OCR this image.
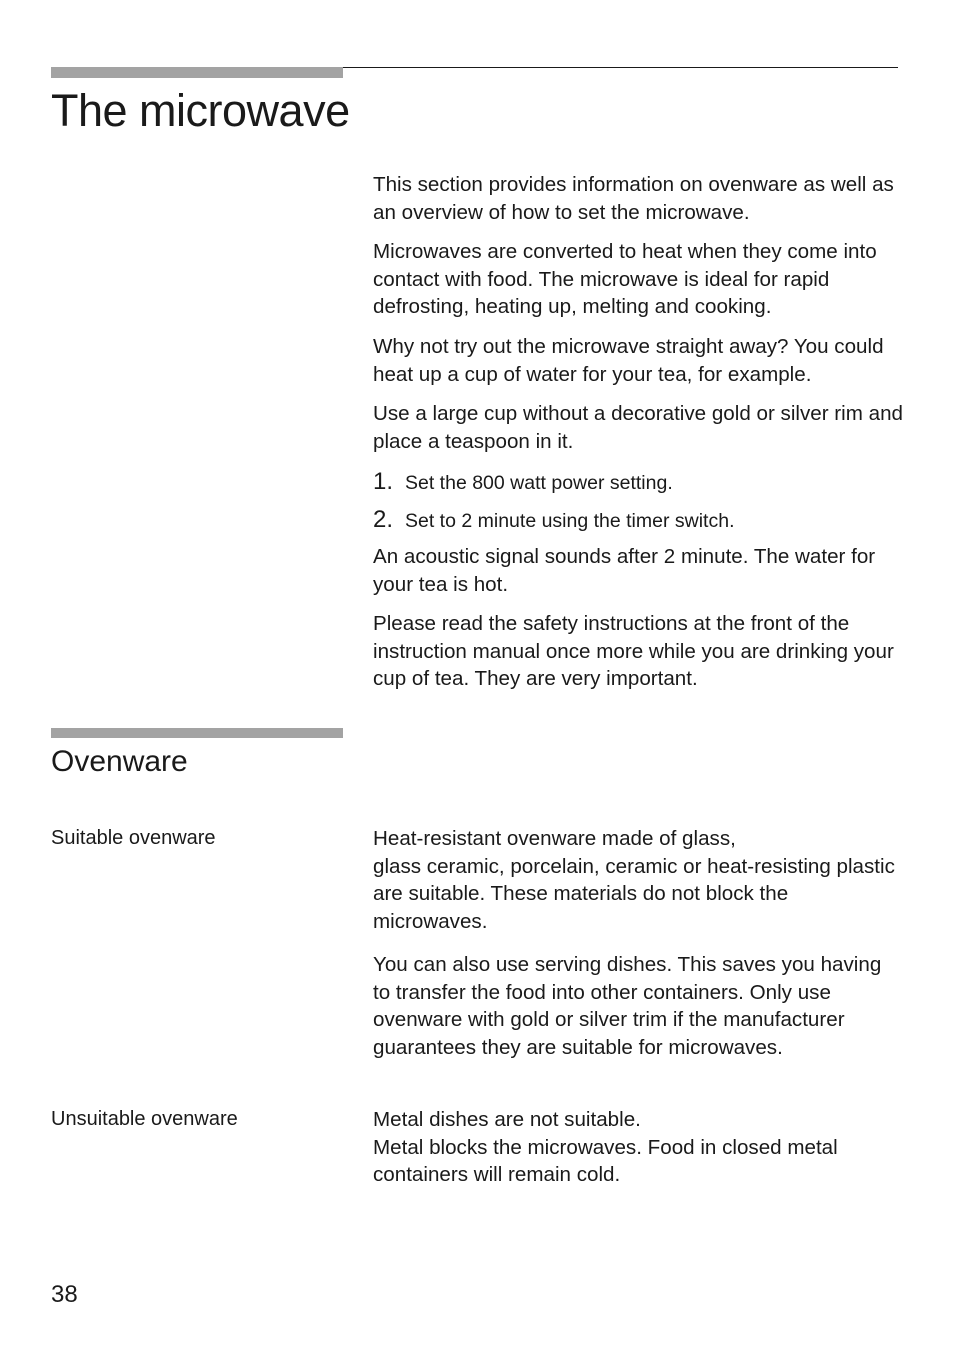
The microwave

This section provides information on ovenware as well as an overview of how to set the microwave.

Microwaves are converted to heat when they come into contact with food. The microwave is ideal for rapid defrosting, heating up, melting and cooking.

Why not try out the microwave straight away? You could heat up a cup of water for your tea, for example.

Use a large cup without a decorative gold or silver rim and place a teaspoon in it.

1. Set the 800 watt power setting.
2. Set to 2 minute using the timer switch.

An acoustic signal sounds after 2 minute. The water for your tea is hot.

Please read the safety instructions at the front of the instruction manual once more while you are drinking your cup of tea. They are very important.

Ovenware
Suitable ovenware	Heat-resistant ovenware made of glass,

glass ceramic, porcelain, ceramic or heat-resisting plastic are suitable. These materials do not block the microwaves.

You can also use serving dishes. This saves you having to transfer the food into other containers. Only use ovenware with gold or silver trim if the manufacturer guarantees they are suitable for microwaves.

Unsuitable ovenware	Metal dishes are not suitable.

Metal blocks the microwaves. Food in closed metal containers will remain cold.

38
